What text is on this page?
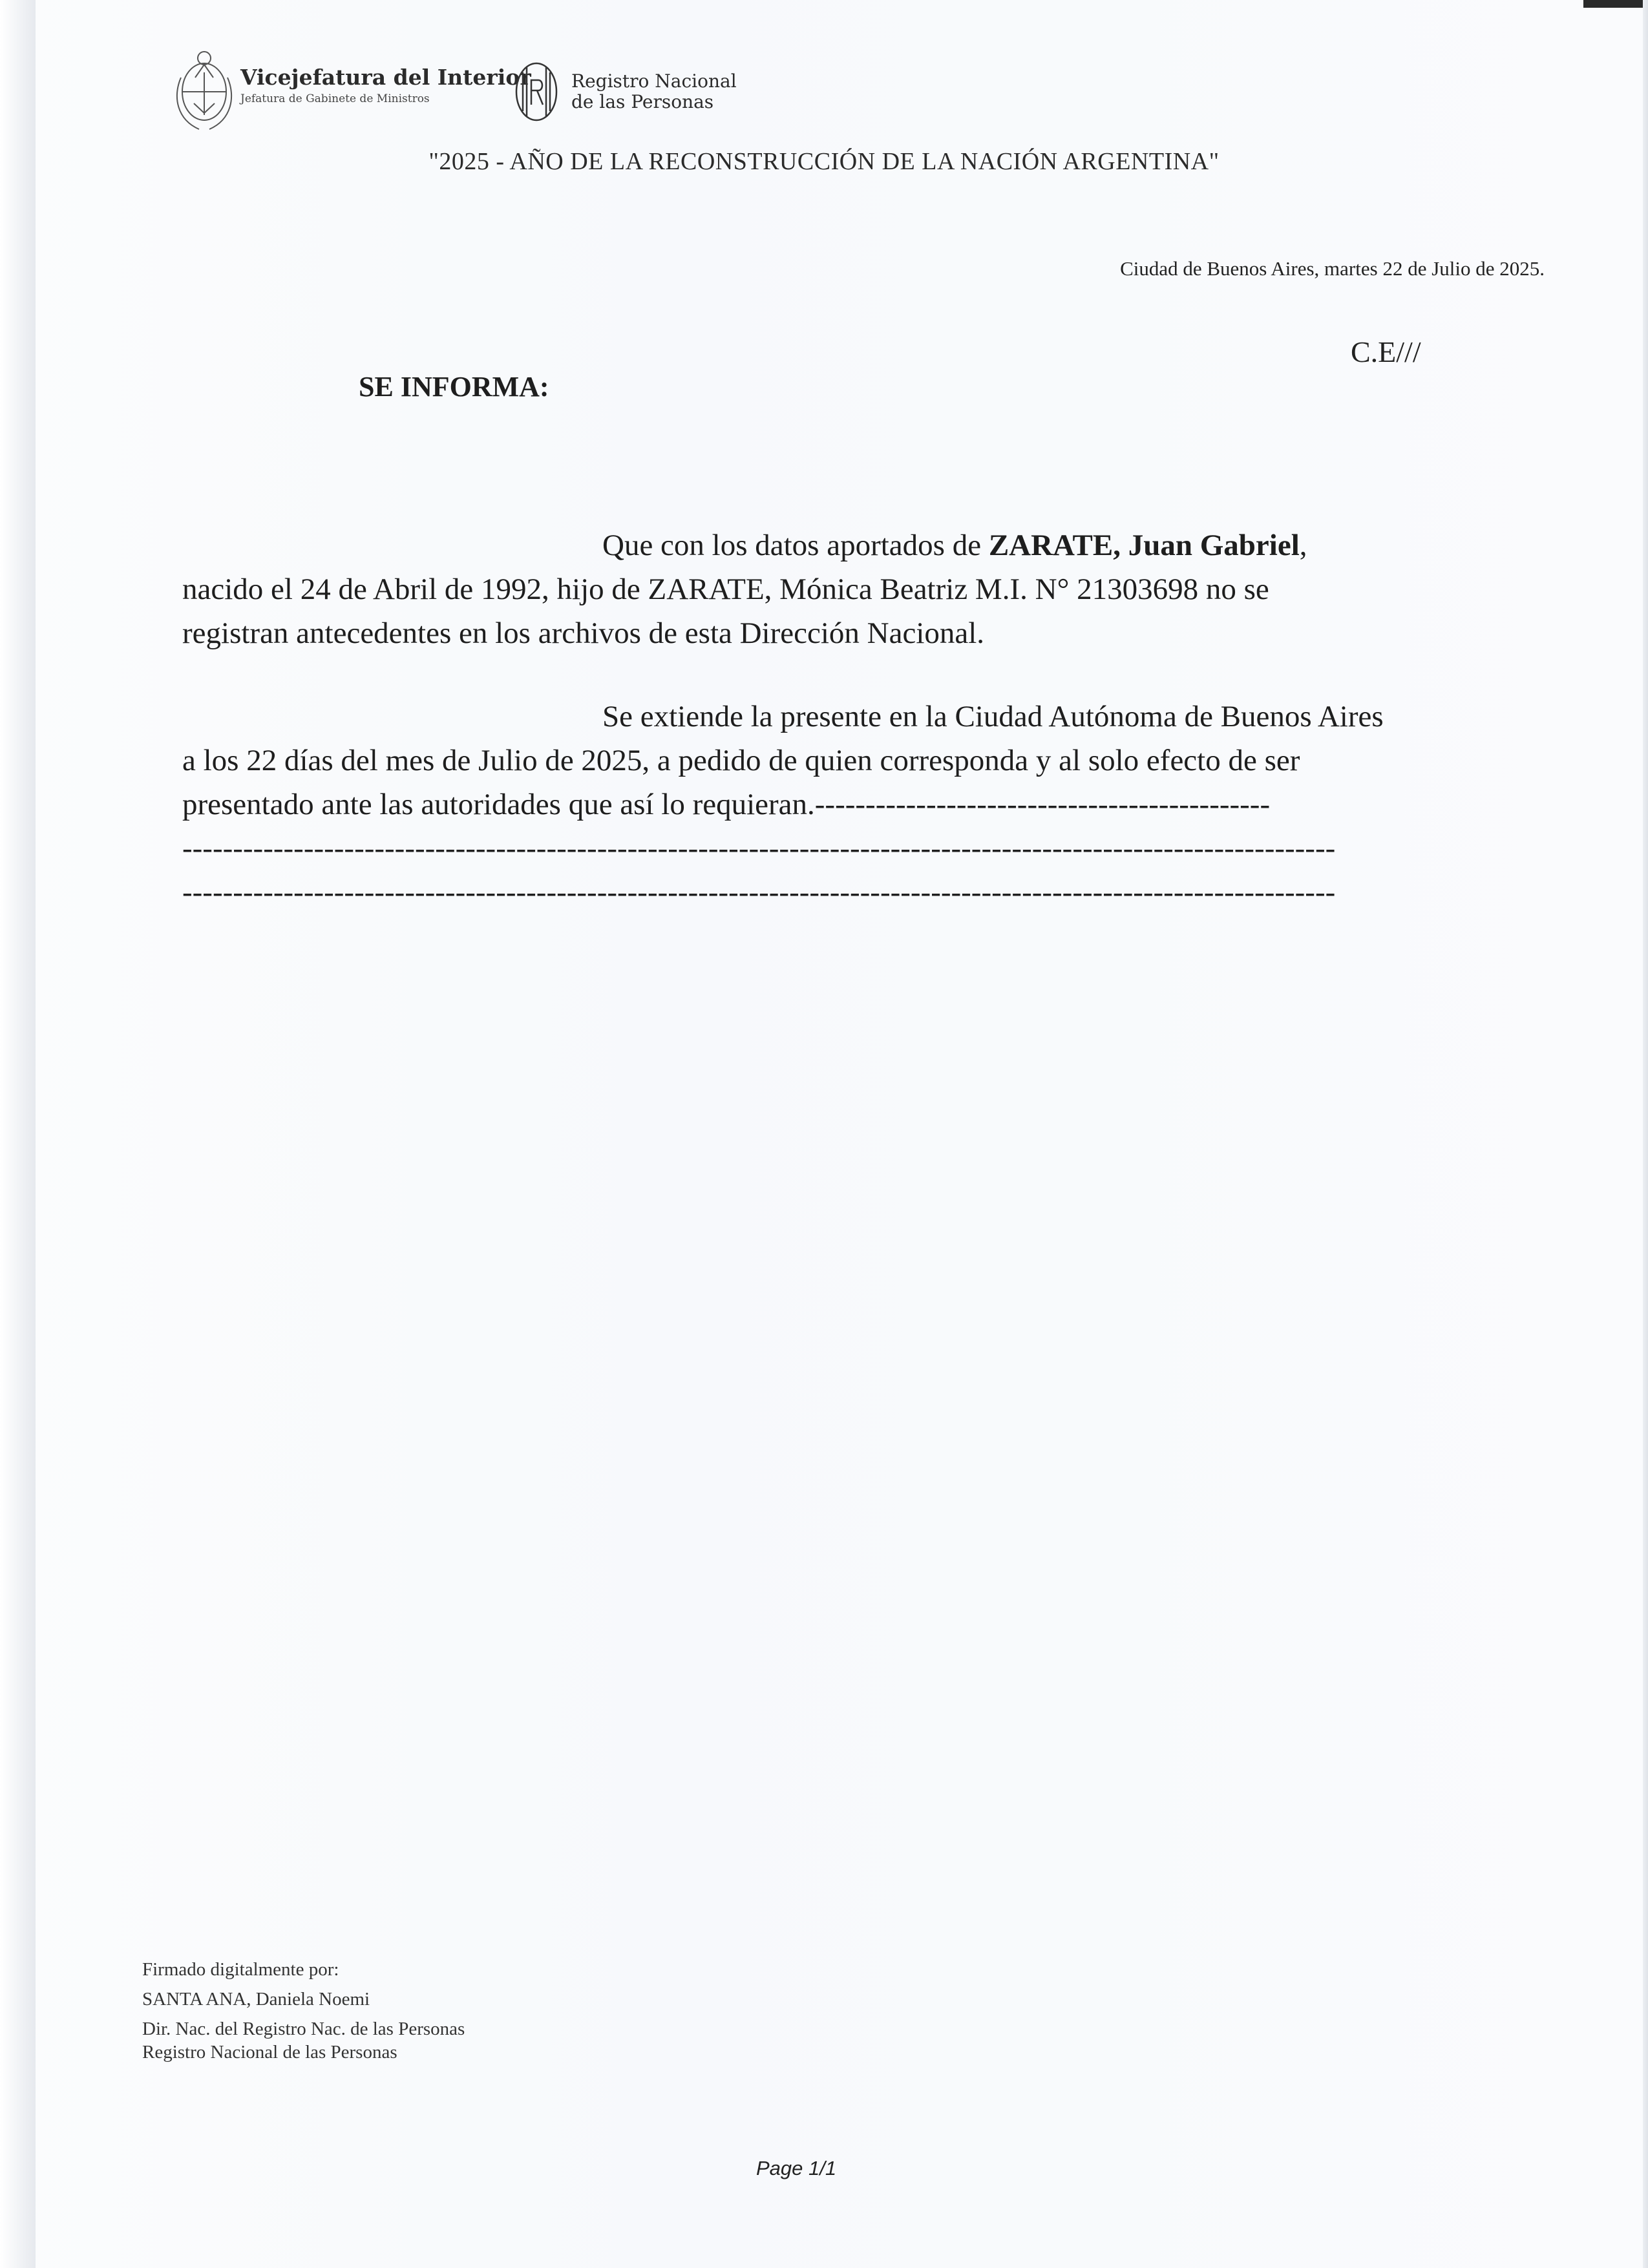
Vicejefatura del Interior
Jefatura de Gabinete de Ministros
Registro Nacional
de las Personas
"2025 - AÑO DE LA RECONSTRUCCIÓN DE LA NACIÓN ARGENTINA"
Ciudad de Buenos Aires, martes 22 de Julio de 2025.
C.E///
SE INFORMA:

Que con los datos aportados de ZARATE, Juan Gabriel,

nacido el 24 de Abril de 1992, hijo de ZARATE, Mónica Beatriz M.I. N° 21303698 no se

registran antecedentes en los archivos de esta Dirección Nacional.

Se extiende la presente en la Ciudad Autónoma de Buenos Aires

a los 22 días del mes de Julio de 2025, a pedido de quien corresponda y al solo efecto de ser

presentado ante las autoridades que así lo requieran.---------------------------------------------

------------------------------------------------------------------------------------------------------------------

------------------------------------------------------------------------------------------------------------------

Firmado digitalmente por:
SANTA ANA, Daniela Noemi
Dir. Nac. del Registro Nac. de las Personas
Registro Nacional de las Personas
Page 1/1
